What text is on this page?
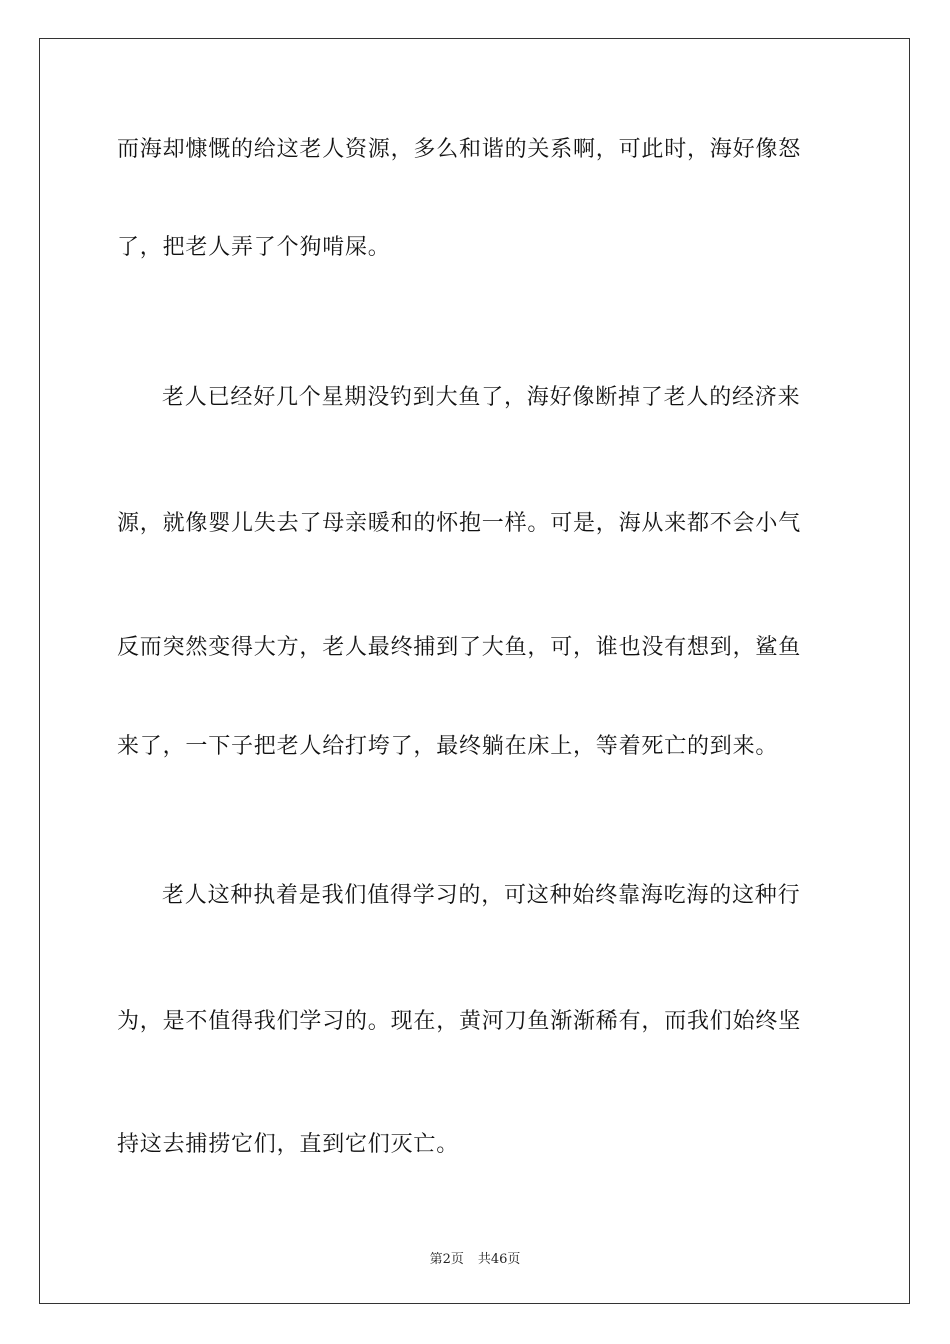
而海却慷慨的给这老人资源，多么和谐的关系啊，可此时，海好像怒
了，把老人弄了个狗啃屎。
老人已经好几个星期没钓到大鱼了，海好像断掉了老人的经济来
源，就像婴儿失去了母亲暖和的怀抱一样。可是，海从来都不会小气
反而突然变得大方，老人最终捕到了大鱼，可，谁也没有想到，鲨鱼
来了，一下子把老人给打垮了，最终躺在床上，等着死亡的到来。
老人这种执着是我们值得学习的，可这种始终靠海吃海的这种行
为，是不值得我们学习的。现在，黄河刀鱼渐渐稀有，而我们始终坚
持这去捕捞它们，直到它们灭亡。
第2页 共46页
